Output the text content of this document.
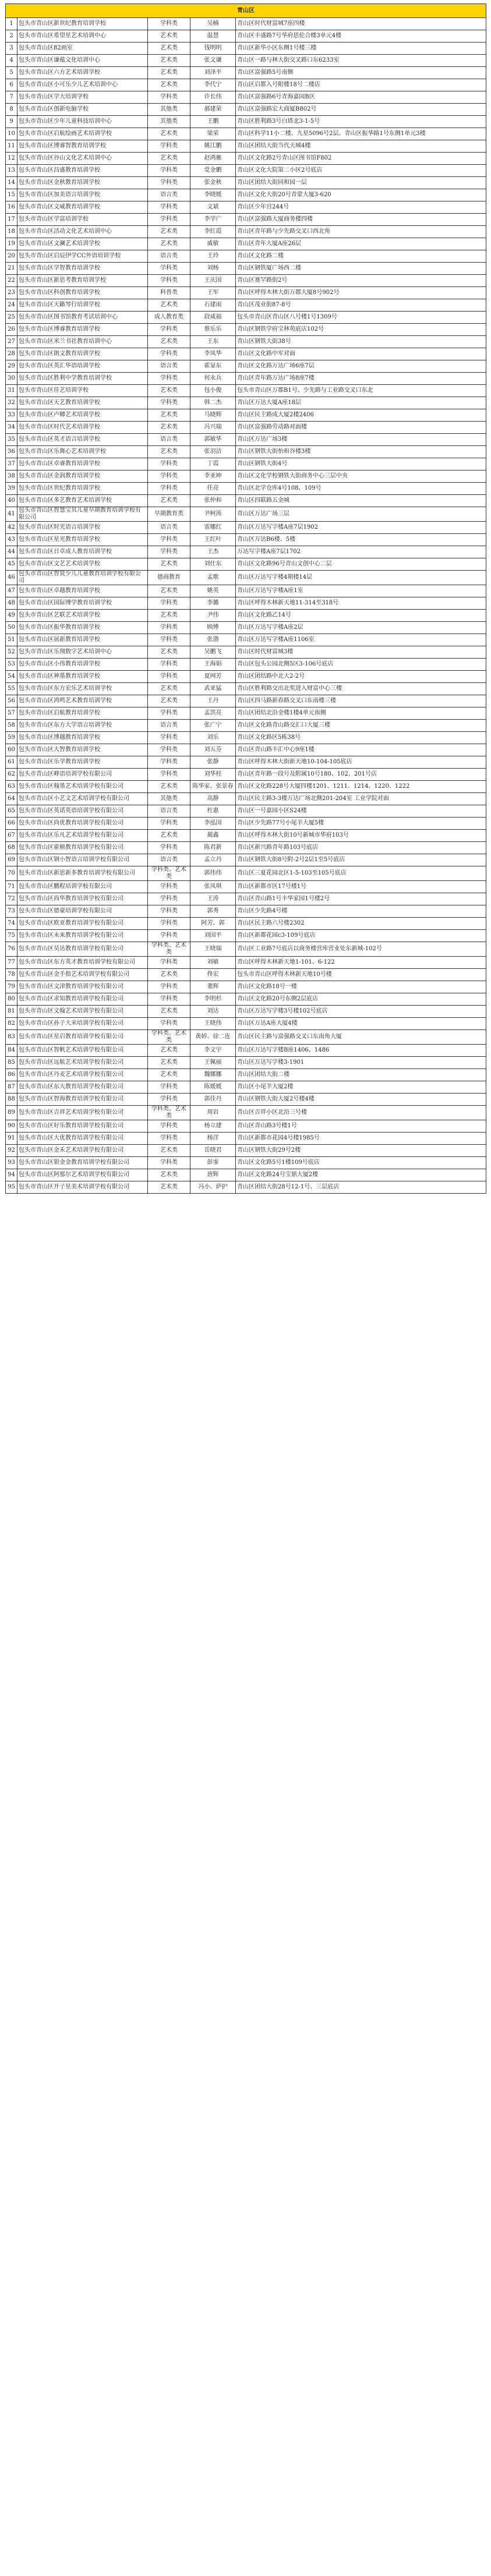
青山区				
1	包头市青山区新世纪教育培训学校	学科类	吴楠	青山区时代财富城7座四楼
2	包头市青山区希望星艺术培训中心	艺术类	温慧	青山区丰盛路7号华府思伦合楼3单元4楼
3	包头市青山区82画室	艺术类	钱明明	青山区新华小区东侧1号楼三楼
4	包头市青山区谦蕴文化培训中心	艺术类	张文谦	青山区一路与林大街交叉路口东6233室
5	包头市青山区六方艺术培训学校	艺术类	刘泽平	青山区富强路5号南侧
6	包头市青山区小可乐少儿艺术培训中心	艺术类	李代宁	青山区启都入号附楼18号二楼店
7	包头市青山区学大培训学校	学科类	许长伟	青山区富强路6号青海嘉园B区
8	包头市青山区创新电脑学校	其他类	郝建荣	青山区富强路宏大商厦B802号
9	包头市青山区少年儿童科技培训中心	其他类	王鹏	青山区胜利路3号白塔北3-1-5号
10	包头市青山区启航绘画艺术培训学校	艺术类	梁荣	青山区科学11小二楼、九星5096号2层、青山区振华路1号东侧1单元3楼
11	包头市青山区博睿智教育培训学校	学科类	姚江鹏	青山区团结大街当代天城4楼
12	包头市青山区谷山文化艺术培训中心	艺术类	赵鸿雁	青山区文化路2号青山区图书馆F802
13	包头市青山区昌盛教育培训学校	学科类	党金鹏	青山区文化大院第二小区2号底店
14	包头市青山区金秋教育培训学校	学科类	张金秋	青山区团结大街同和园一层
15	包头市青山区加美语言培训学校	语言类	李晓媛	青山区文化大街20号青蒙大厦3-620
16	包头市青山区文威教育培训学校	学科类	文斌	青山区少年宫244号
17	包头市青山区学富培训学校	学科类	李学广	青山区富强路大厦商务楼四楼
18	包头市青山区活动文化艺术培训中心	艺术类	李红霞	青山区青年路与少先路交叉口西北角
19	包头市青山区文澜艺术培训学校	艺术类	戚敏	青山区青年大厦A座26层
20	包头市青山区启辰伊学CC外语培训学校	语言类	王玲	青山区文化路二楼
21	包头市青山区学智教育培训学校	学科类	刘杨	青山区钢铁厦广场西二楼
22	包头市青山区新思考教育培训学校	学科类	王庆国	青山区赛罕路街2号
23	包头市青山区科创教育培训学校	科普类	王军	青山区呼得木林大街万郡大厦8号902号
24	包头市青山区天籁琴行培训学校	艺术类	石建雨	青山区茂业街87-8号
25	包头市青山区图书馆教育考试培训中心	成人教育类	段咸福	包头市青山区青山区八号楼1号1309号
26	包头市青山区博睿教育培训学校	学科类	蔡乐乐	青山区钢铁学府宝林苑底店102号
27	包头市青山区米兰书社教育培训中心	艺术类	王东	青山区钢铁大街38号
28	包头市青山区朗文教育培训学校	学科类	李凤华	青山区文化路中军对面
29	包头市青山区英汇华语培训学校	语言类	霍显东	青山区文化路万达广场6座7层
30	包头市青山区胜利中学教育培训学校	学科类	何永兵	青山区青年路万达广场8座7楼
31	包头市青山区佳艺培训学校	艺术类	包小俊	包头市青山区万郡B1号、少先路与工业路交叉口东北
32	包头市青山区天艺教育培训学校	学科类	韩二杰	青山区万达大厦A座18层
33	包头市青山区卢卿艺术培训学校	艺术类	马晓辉	青山区民主路成大厦2楼2406
34	包头市青山区时代艺术培训学校	艺术类	冯兴瑞	青山区富强路劳动路对面楼
35	包头市青山区英才语言培训学校	语言类	郭敏华	青山区万达广场3楼
36	包头市青山区乐舞心艺术培训学校	艺术类	张羽洁	青山区钢铁大街怡和谷楼3楼
37	包头市青山区卓睿教育培训学校	学科类	丁霞	青山区钢铁大街4号
38	包头市青山区金润教育培训学校	学科类	李亚坤	青山区文化学校钢铁大街商务中心三层中央
39	包头市青山区世纪教育培训学校	学科类	任亮	青山区北学仓库4号108、109号
40	包头市青山区多艺教育艺术培训学校	艺术类	张仲和	青山区四联路五金城
41	包头市青山区智慧宝贝儿童早期教育培训学校有限公司	早期教育类	尹柯涛	青山区万达广场三层
42	包头市青山区时光语言培训学校	语言类	雷娜红	青山区万达写字楼A座7层1902
43	包头市青山区星光教育培训学校	学科类	王红叶	青山区万达B6楼、5楼
44	包头市青山区日卓成人教育培训学校	学科类	王杰	万达写字楼A座7层1702
45	包头市青山区文艺艺术培训学校	艺术类	刘仕东	青山区文化路96号青山文创中心二层
46	包头市青山区智贤少儿儿童教育培训学校有限公司	德商教育	孟歌	青山区万达写字楼4期楼14层
47	包头市青山区卓越教育培训学校	艺术类	姚英	青山区万达写字楼A座1室
48	包头市青山区国际博学教育培训学校	学科类	李璐	青山区呼得木林新天地11-314至318号
49	包头市青山区艺联艺术培训学校	艺术类	尹伟	青山区文化路乙14号
50	包头市青山区振华教育培训学校	学科类	顾博	青山区万达写字楼A座2层
51	包头市青山区展新教育培训学校	学科类	张渤	青山区万达写字楼A座1106室
52	包头市青山区乐翔数字艺术培训中心	艺术类	吴鹏飞	青山区时代财富城3楼
53	包头市青山区小伟教育培训学校	学科类	王海娟	青山区包头公园北侧5区3-106号底店
54	包头市青山区神墨教育培训学校	学科类	夏网芳	青山区团结路中北大2-2号
55	包头市青山区东方宏乐艺术培训学校	艺术类	武亚猛	青山区胜利路交出北奖进入财富中心三楼
56	包头市青山区鸿鸣艺术教育培训学校	艺术类	王丹	青山区四马路新春路交叉口东南楼三楼
57	包头市青山区启航教育培训学校	学科类	孟洪亮	青山区团结北沿金楼1楼4单元南侧
58	包头市青山区东方大学语言培训学校	语言类	张广宁	青山区文化路青山路交汇口大厦三楼
59	包头市青山区博越教育培训学校	学科类	刘乐	青山区文化路区5栋38号
60	包头市青山区大智教育培训学校	学科类	刘五芬	青山区青山路丰汇中心9座1楼
61	包头市青山区乐学教育培训学校	学科类	张静	青山区呼得木林大街新天地10-104-105底店
62	包头市青山区峰语培训学校有限公司	学科类	刘华柱	青山区青年路一段号及附属10号180、102、201号店
63	包头市青山区翰墨艺术培训学校有限公司	艺术类	陈华家、张景春	青山区文化路228号大厦四楼1201、1211、1214、1220、1222
64	包头市青山区小艺文艺术培训学校有限公司	其他类	高静	青山区民主路3-3楼万达广场北侧201-204室 工业学院对面
65	包头市青山区英诺英语培训学校有限公司	语言类	杜惠	青山区一号嘉园小区S24楼
66	包头市青山区尚优教育培训学校有限公司	学科类	李泓国	青山区少先路77号小尾羊大厦5楼
67	包头市青山区乐凡艺术培训学校有限公司	艺术类	蔺鑫	青山区呼得木林大街10号新城市华府103号
68	包头市青山区霍顿教育培训学校有限公司	学科类	陈君新	青山区新兴路青年路103号底店
69	包头市青山区钢小智语言培训学校有限公司	语言类	孟立丹	青山区钢铁大街8号附-2号2层1至5号底店
70	包头市青山区新思新多教育培训学校有限公司	学科类、艺术类	郭伟伟	青山区三夏花园北区1-5-103至105号底店
71	包头市青山区鹏程培训学校有限公司	学科类	张凤琪	青山区新都市区17号楼1号
72	包头市青山区尚华教育培训学校有限公司	学科类	王涛	青山区青山路1号丰华家园1号楼2号
73	包头市青山区德豪培训学校有限公司	学科类	郭秀	青山区少先路4号楼
74	包头市青山区欧亚教育培训学校有限公司	学科类	阿芳、郭	青山区民主路六号楼2302
75	包头市青山区未来教育培训学校有限公司	学科类	刘国平	青山区新都花园c3-109号底店
76	包头市青山区昊达教育培训学校有限公司	学科类、艺术类	王晓瑞	青山区工业路7号底店以商务楼营库营业处东新城-102号
77	包头市青山区东方英才教育培训学校有限公司	学科类	刘敏	青山区呼得木林新天地1-101、6-122
78	包头市青山区金手指艺术培训学校有限公司	艺术类	佟宏	包头市青山区呼得木林新天地10号楼
79	包头市青山区文津教育培训学校有限公司	学科类	董辉	青山区文化路18号一楼
80	包头市青山区求知教育培训学校有限公司	学科类	李明杉	青山区文化路20号东侧2层底店
81	包头市青山区文翰艺术培训学校有限公司	艺术类	刘达	青山区万达写字楼3号楼102号底店
82	包头市青山区孙子大米培训学校有限公司	学科类	王晓伟	青山区万达A座大厦4楼
83	包头市青山区星启教育培训学校有限公司	学科类、艺术类	黄婷、徐二连	青山区民主路与富强路交叉口东南角大厦
84	包头市青山区智帆艺术培训学校有限公司	艺术类	李文宇	青山区万达写字楼B座1406、1486
85	包头市青山区远航艺术培训学校有限公司	艺术类	王佩丽	青山区万达写字楼3-1901
86	包头市青山区丹麦艺术培训学校有限公司	艺术类	魏娜娜	青山区团结大街二楼
87	包头市青山区东大教育培训学校有限公司	学科类	陈媛媛	青山区小尾羊大厦2楼
88	包头市青山区智海教育培训学校有限公司	学科类	郭佳丹	青山区钢铁大街大厦2号楼4楼
89	包头市青山区吉祥艺术培训学校有限公司	学科类、艺术类	周岩	青山区吉祥小区北沿三号楼
90	包头市青山区好乐教育培训学校有限公司	学科类	杨立建	青山区青山路3号楼1号
91	包头市青山区大优教育培训学校有限公司	学科类	杨洋	青山区新都市花园4号楼1985号
92	包头市青山区金禾艺术培训学校有限公司	艺术类	岳晓君	青山区钢铁大街29号2楼
93	包头市青山区银金金教育培训学校有限公司	学科类	彭霏	青山区文化路5号1楼109号底店
94	包头市青山区阿那尔艺术培训学校有限公司	艺术类	唐辉	青山区文化路24号宝鼎大厦2楼
95	包头市青山区开子星美术培训学校有限公司	艺术类	冯小、萨护	青山区团结大街28号12-1号、三层底店
